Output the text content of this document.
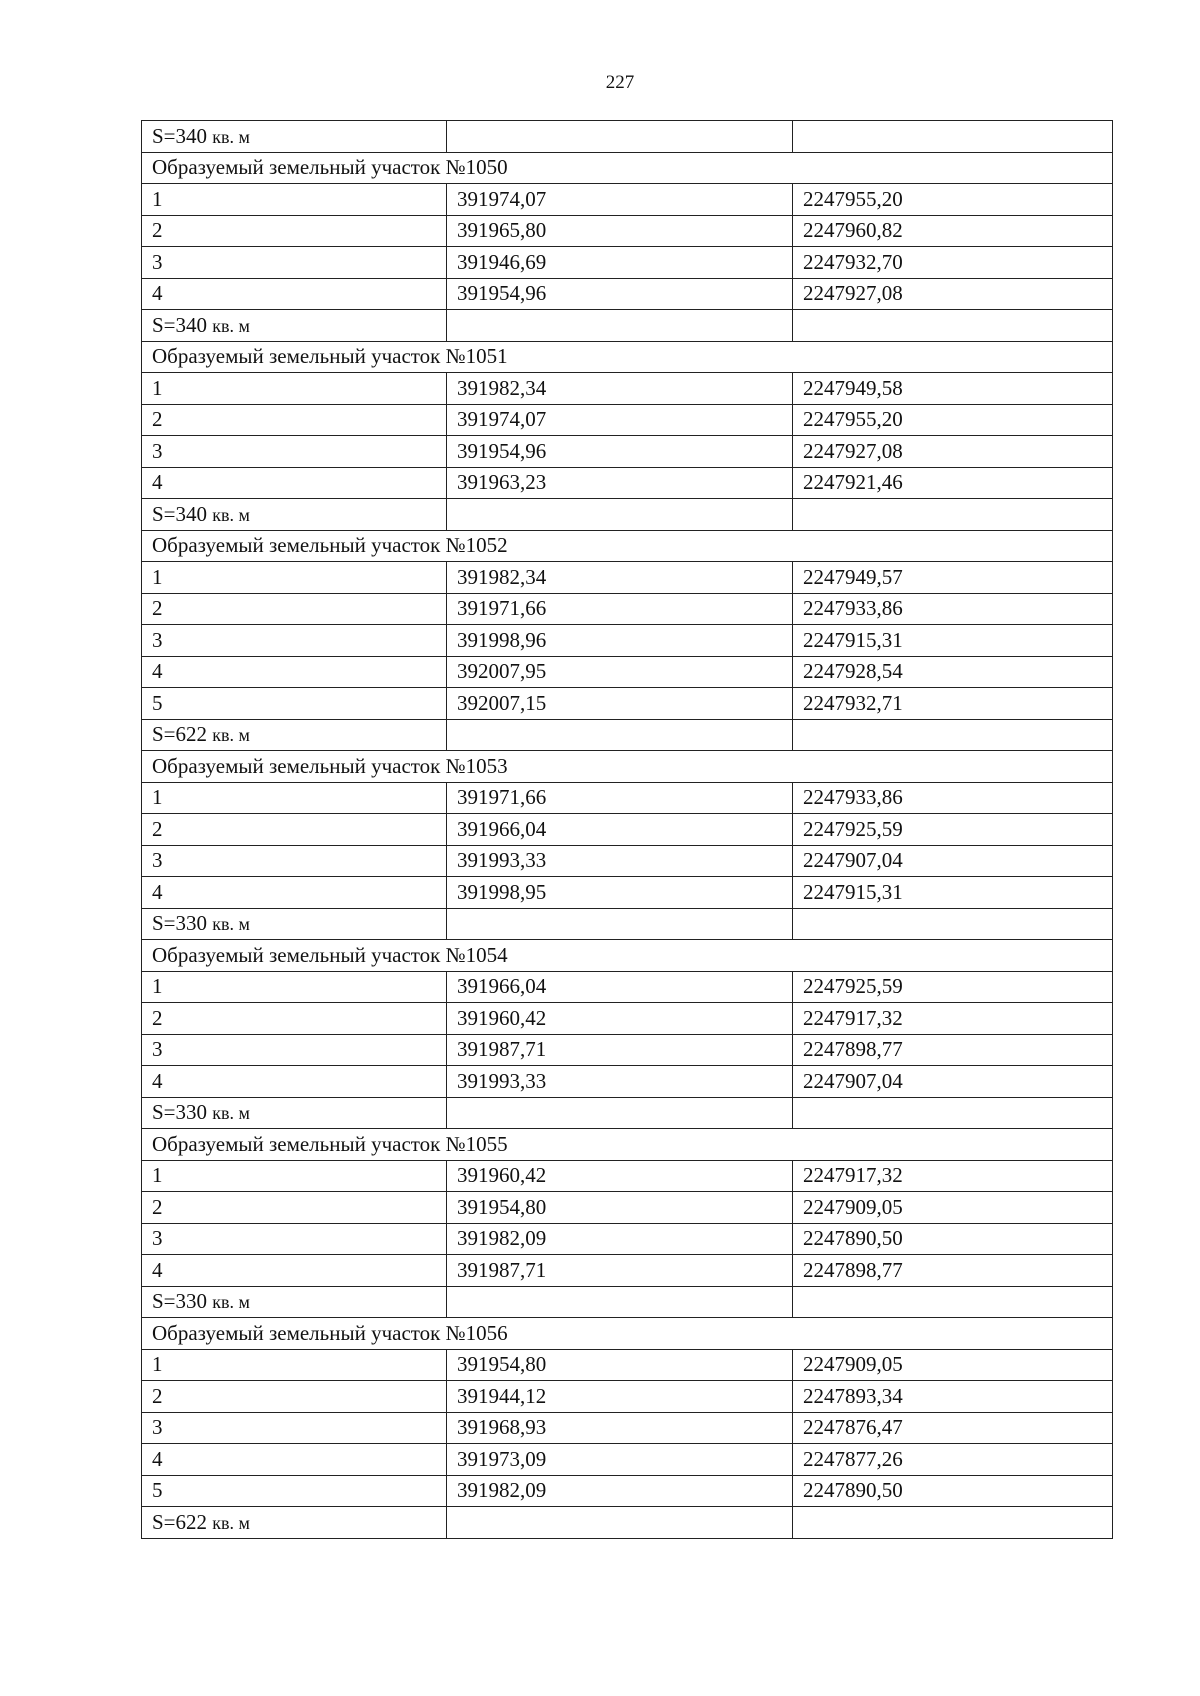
227
S=340 кв. м		
Образуемый земельный участок №1050		
1	391974,07	2247955,20
2	391965,80	2247960,82
3	391946,69	2247932,70
4	391954,96	2247927,08
S=340 кв. м		
Образуемый земельный участок №1051		
1	391982,34	2247949,58
2	391974,07	2247955,20
3	391954,96	2247927,08
4	391963,23	2247921,46
S=340 кв. м		
Образуемый земельный участок №1052		
1	391982,34	2247949,57
2	391971,66	2247933,86
3	391998,96	2247915,31
4	392007,95	2247928,54
5	392007,15	2247932,71
S=622 кв. м		
Образуемый земельный участок №1053		
1	391971,66	2247933,86
2	391966,04	2247925,59
3	391993,33	2247907,04
4	391998,95	2247915,31
S=330 кв. м		
Образуемый земельный участок №1054		
1	391966,04	2247925,59
2	391960,42	2247917,32
3	391987,71	2247898,77
4	391993,33	2247907,04
S=330 кв. м		
Образуемый земельный участок №1055		
1	391960,42	2247917,32
2	391954,80	2247909,05
3	391982,09	2247890,50
4	391987,71	2247898,77
S=330 кв. м		
Образуемый земельный участок №1056		
1	391954,80	2247909,05
2	391944,12	2247893,34
3	391968,93	2247876,47
4	391973,09	2247877,26
5	391982,09	2247890,50
S=622 кв. м		
